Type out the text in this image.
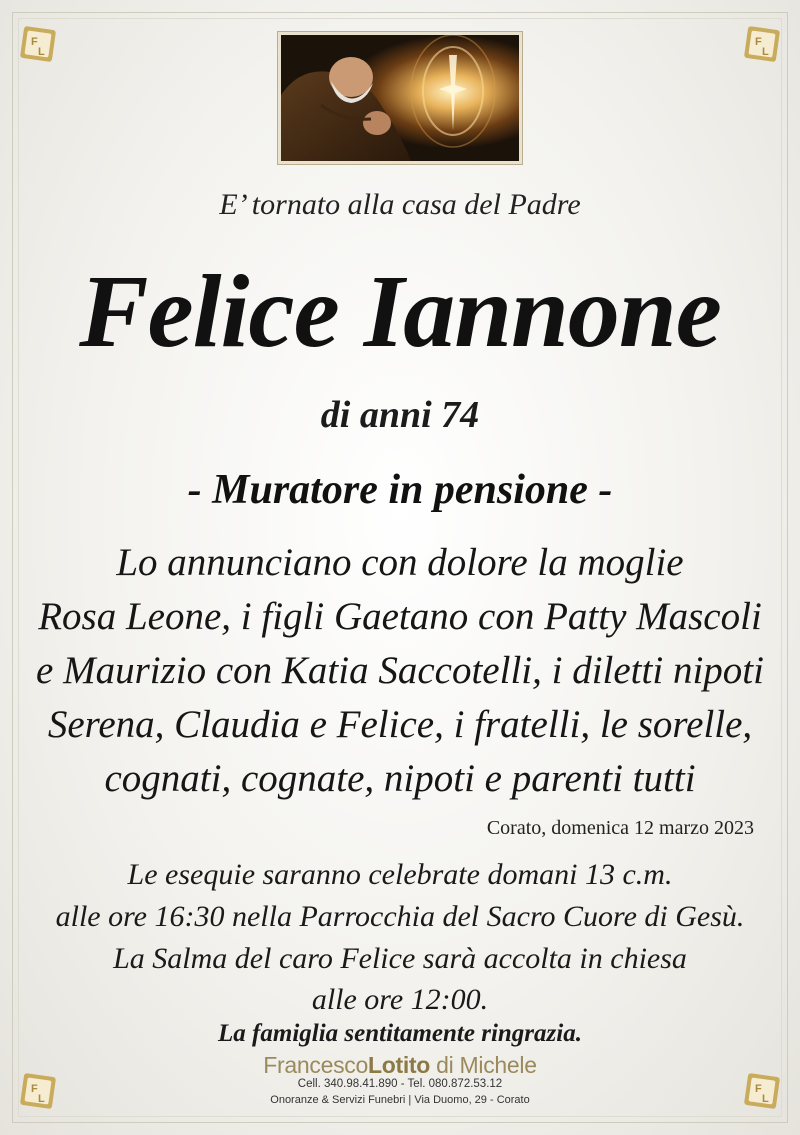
F
L
F
L
F
L
F
L
E’ tornato alla casa del Padre
Felice Iannone
di anni 74
- Muratore in pensione -
Lo annunciano con dolore la moglie
Rosa Leone, i figli Gaetano con Patty Mascoli
e Maurizio con Katia Saccotelli, i diletti nipoti
Serena, Claudia e Felice, i fratelli, le sorelle,
cognati, cognate, nipoti e parenti tutti
Corato, domenica 12 marzo 2023
Le esequie saranno celebrate domani 13 c.m.
alle ore 16:30 nella Parrocchia del Sacro Cuore di Gesù.
La Salma del caro Felice sarà accolta in chiesa
alle ore 12:00.
La famiglia sentitamente ringrazia.
FrancescoLotito di Michele
Cell. 340.98.41.890 - Tel. 080.872.53.12
Onoranze & Servizi Funebri | Via Duomo, 29 - Corato
